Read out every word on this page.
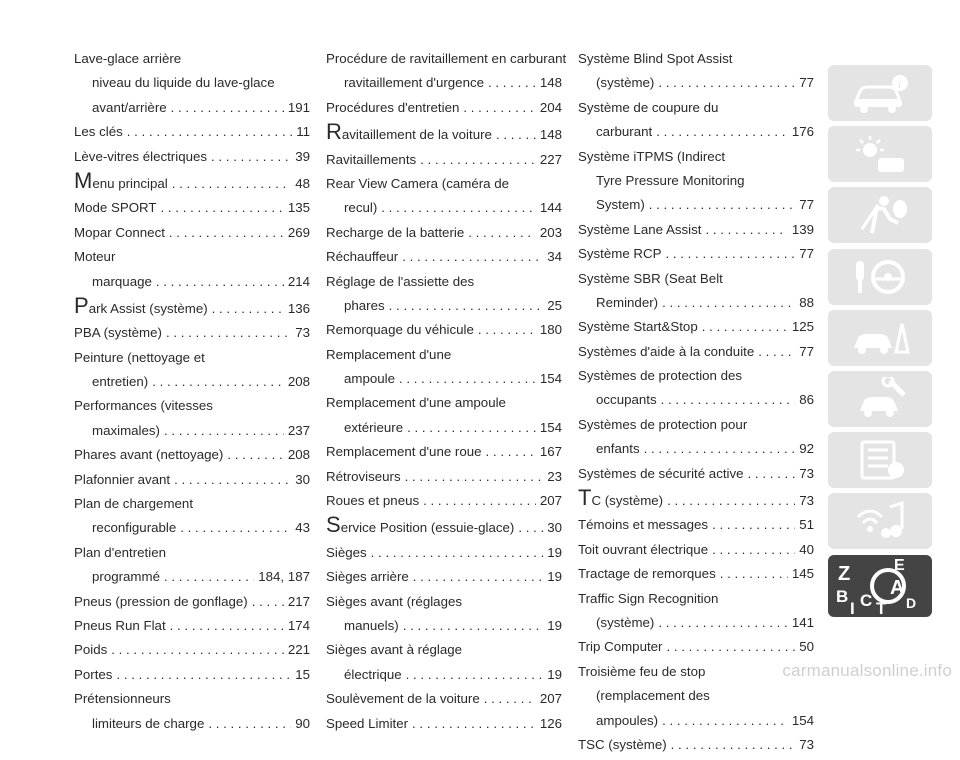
Lave-glace arrière
niveau du liquide du lave-glace
avant/arrière . . .	191
Les clés . . .	11
Lève-vitres électriques . . .	39
Menu principal . . .	48
Mode SPORT . . .	135
Mopar Connect . . .	269
Moteur
marquage . . .	214
Park Assist (système) . . .	136
PBA (système) . . .	73
Peinture (nettoyage et
entretien) . . .	208
Performances (vitesses
maximales) . . .	237
Phares avant (nettoyage) . . .	208
Plafonnier avant . . .	30
Plan de chargement
reconfigurable . . .	43
Plan d'entretien
programmé . . .	184, 187
Pneus (pression de gonflage) . . .	217
Pneus Run Flat . . .	174
Poids . . .	221
Portes . . .	15
Prétensionneurs
limiteurs de charge . . .	90
Procédure de ravitaillement en carburant
ravitaillement d'urgence . . .	148
Procédures d'entretien . . .	204
Ravitaillement de la voiture . . .	148
Ravitaillements . . .	227
Rear View Camera (caméra de
recul) . . .	144
Recharge de la batterie . . .	203
Réchauffeur . . .	34
Réglage de l'assiette des
phares . . .	25
Remorquage du véhicule . . .	180
Remplacement d'une
ampoule . . .	154
Remplacement d'une ampoule
extérieure . . .	154
Remplacement d'une roue . . .	167
Rétroviseurs . . .	23
Roues et pneus . . .	207
Service Position (essuie-glace) . . . 30
Sièges . . .	19
Sièges arrière . . .	19
Sièges avant (réglages
manuels) . . .	19
Sièges avant à réglage
électrique . . .	19
Soulèvement de la voiture . . .	207
Speed Limiter . . .	126
Système Blind Spot Assist
(système) . . .	77
Système de coupure du
carburant . . .	176
Système iTPMS (Indirect
Tyre Pressure Monitoring
System) . . .	77
Système Lane Assist . . .	139
Système RCP . . .	77
Système SBR (Seat Belt
Reminder) . . .	88
Système Start&Stop . . .	125
Systèmes d'aide à la conduite . . .	77
Systèmes de protection des
occupants . . .	86
Systèmes de protection pour
enfants . . .	92
Systèmes de sécurité active . . .	73
TC (système) . . .	73
Témoins et messages . . .	51
Toit ouvrant électrique . . .	40
Tractage de remorques . . .	145
Traffic Sign Recognition
(système) . . .	141
Trip Computer . . .	50
Troisième feu de stop
(remplacement des
ampoules) . . .	154
TSC (système) . . .	73
i
Z	E
B A
I C T D
carmanualsonline.info
